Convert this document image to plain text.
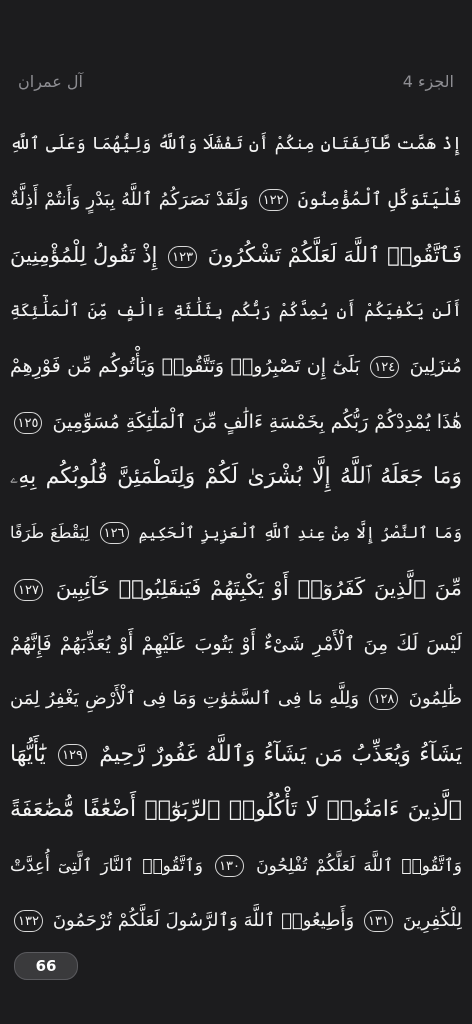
آل عمران	الجزء 4
إِذْ هَمَّت طَّآئِفَتَانِ مِنكُمْ أَن تَفْشَلَا وَٱللَّهُ وَلِيُّهُمَا وَعَلَى ٱللَّهِ
فَلْيَتَوَكَّلِ ٱلْمُؤْمِنُونَ ١٢٢ وَلَقَدْ نَصَرَكُمُ ٱللَّهُ بِبَدْرٍ وَأَنتُمْ أَذِلَّةٌ
فَٱتَّقُوا۟ ٱللَّهَ لَعَلَّكُمْ تَشْكُرُونَ ١٢٣ إِذْ تَقُولُ لِلْمُؤْمِنِينَ
أَلَن يَكْفِيَكُمْ أَن يُمِدَّكُمْ رَبُّكُم بِثَلَٰثَةِ ءَالَٰفٍ مِّنَ ٱلْمَلَٰٓئِكَةِ
مُنزَلِينَ ١٢٤ بَلَىٰٓ إِن تَصْبِرُوا۟ وَتَتَّقُوا۟ وَيَأْتُوكُم مِّن فَوْرِهِمْ
هَٰذَا يُمْدِدْكُمْ رَبُّكُم بِخَمْسَةِ ءَالَٰفٍ مِّنَ ٱلْمَلَٰٓئِكَةِ مُسَوِّمِينَ ١٢٥
وَمَا جَعَلَهُ ٱللَّهُ إِلَّا بُشْرَىٰ لَكُمْ وَلِتَطْمَئِنَّ قُلُوبُكُم بِهِۦ
وَمَا ٱلنَّصْرُ إِلَّا مِنْ عِندِ ٱللَّهِ ٱلْعَزِيزِ ٱلْحَكِيمِ ١٢٦ لِيَقْطَعَ طَرَفًا
مِّنَ ٱلَّذِينَ كَفَرُوٓا۟ أَوْ يَكْبِتَهُمْ فَيَنقَلِبُوا۟ خَآئِبِينَ ١٢٧
لَيْسَ لَكَ مِنَ ٱلْأَمْرِ شَىْءٌ أَوْ يَتُوبَ عَلَيْهِمْ أَوْ يُعَذِّبَهُمْ فَإِنَّهُمْ
ظَٰلِمُونَ ١٢٨ وَلِلَّهِ مَا فِى ٱلسَّمَٰوَٰتِ وَمَا فِى ٱلْأَرْضِ يَغْفِرُ لِمَن
يَشَآءُ وَيُعَذِّبُ مَن يَشَآءُ وَٱللَّهُ غَفُورٌ رَّحِيمٌ ١٢٩ يَٰٓأَيُّهَا
ٱلَّذِينَ ءَامَنُوا۟ لَا تَأْكُلُوا۟ ٱلرِّبَوٰٓا۟ أَضْعَٰفًا مُّضَٰعَفَةً
وَٱتَّقُوا۟ ٱللَّهَ لَعَلَّكُمْ تُفْلِحُونَ ١٣٠ وَٱتَّقُوا۟ ٱلنَّارَ ٱلَّتِىٓ أُعِدَّتْ
لِلْكَٰفِرِينَ ١٣١ وَأَطِيعُوا۟ ٱللَّهَ وَٱلرَّسُولَ لَعَلَّكُمْ تُرْحَمُونَ ١٣٢
66
